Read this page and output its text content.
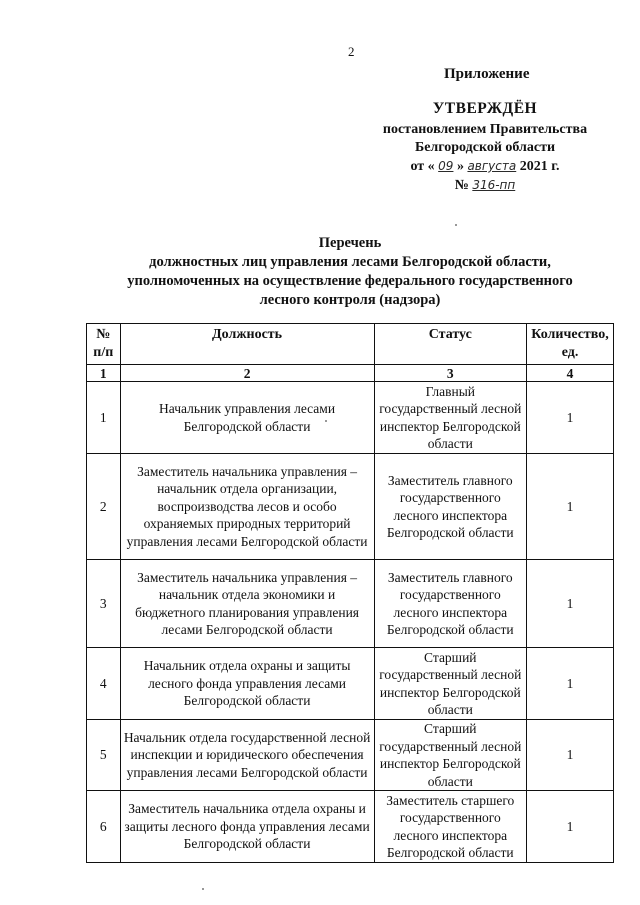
2
Приложение
УТВЕРЖДЁН
постановлением Правительства
Белгородской области
от « 09 » августа 2021 г.
№ 316-пп
Перечень
должностных лиц управления лесами Белгородской области,
уполномоченных на осуществление федерального государственного
лесного контроля (надзора)
№ п/п	Должность	Статус	Количество, ед.
1	2	3	4
1	Начальник управления лесами Белгородской области	Главный государственный лесной инспектор Белгородской области	1
2	Заместитель начальника управления – начальник отдела организации, воспроизводства лесов и особо охраняемых природных территорий управления лесами Белгородской области	Заместитель главного государственного лесного инспектора Белгородской области	1
3	Заместитель начальника управления – начальник отдела экономики и бюджетного планирования управления лесами Белгородской области	Заместитель главного государственного лесного инспектора Белгородской области	1
4	Начальник отдела охраны и защиты лесного фонда управления лесами Белгородской области	Старший государственный лесной инспектор Белгородской области	1
5	Начальник отдела государственной лесной инспекции и юридического обеспечения управления лесами Белгородской области	Старший государственный лесной инспектор Белгородской области	1
6	Заместитель начальника отдела охраны и защиты лесного фонда управления лесами Белгородской области	Заместитель старшего государственного лесного инспектора Белгородской области	1
